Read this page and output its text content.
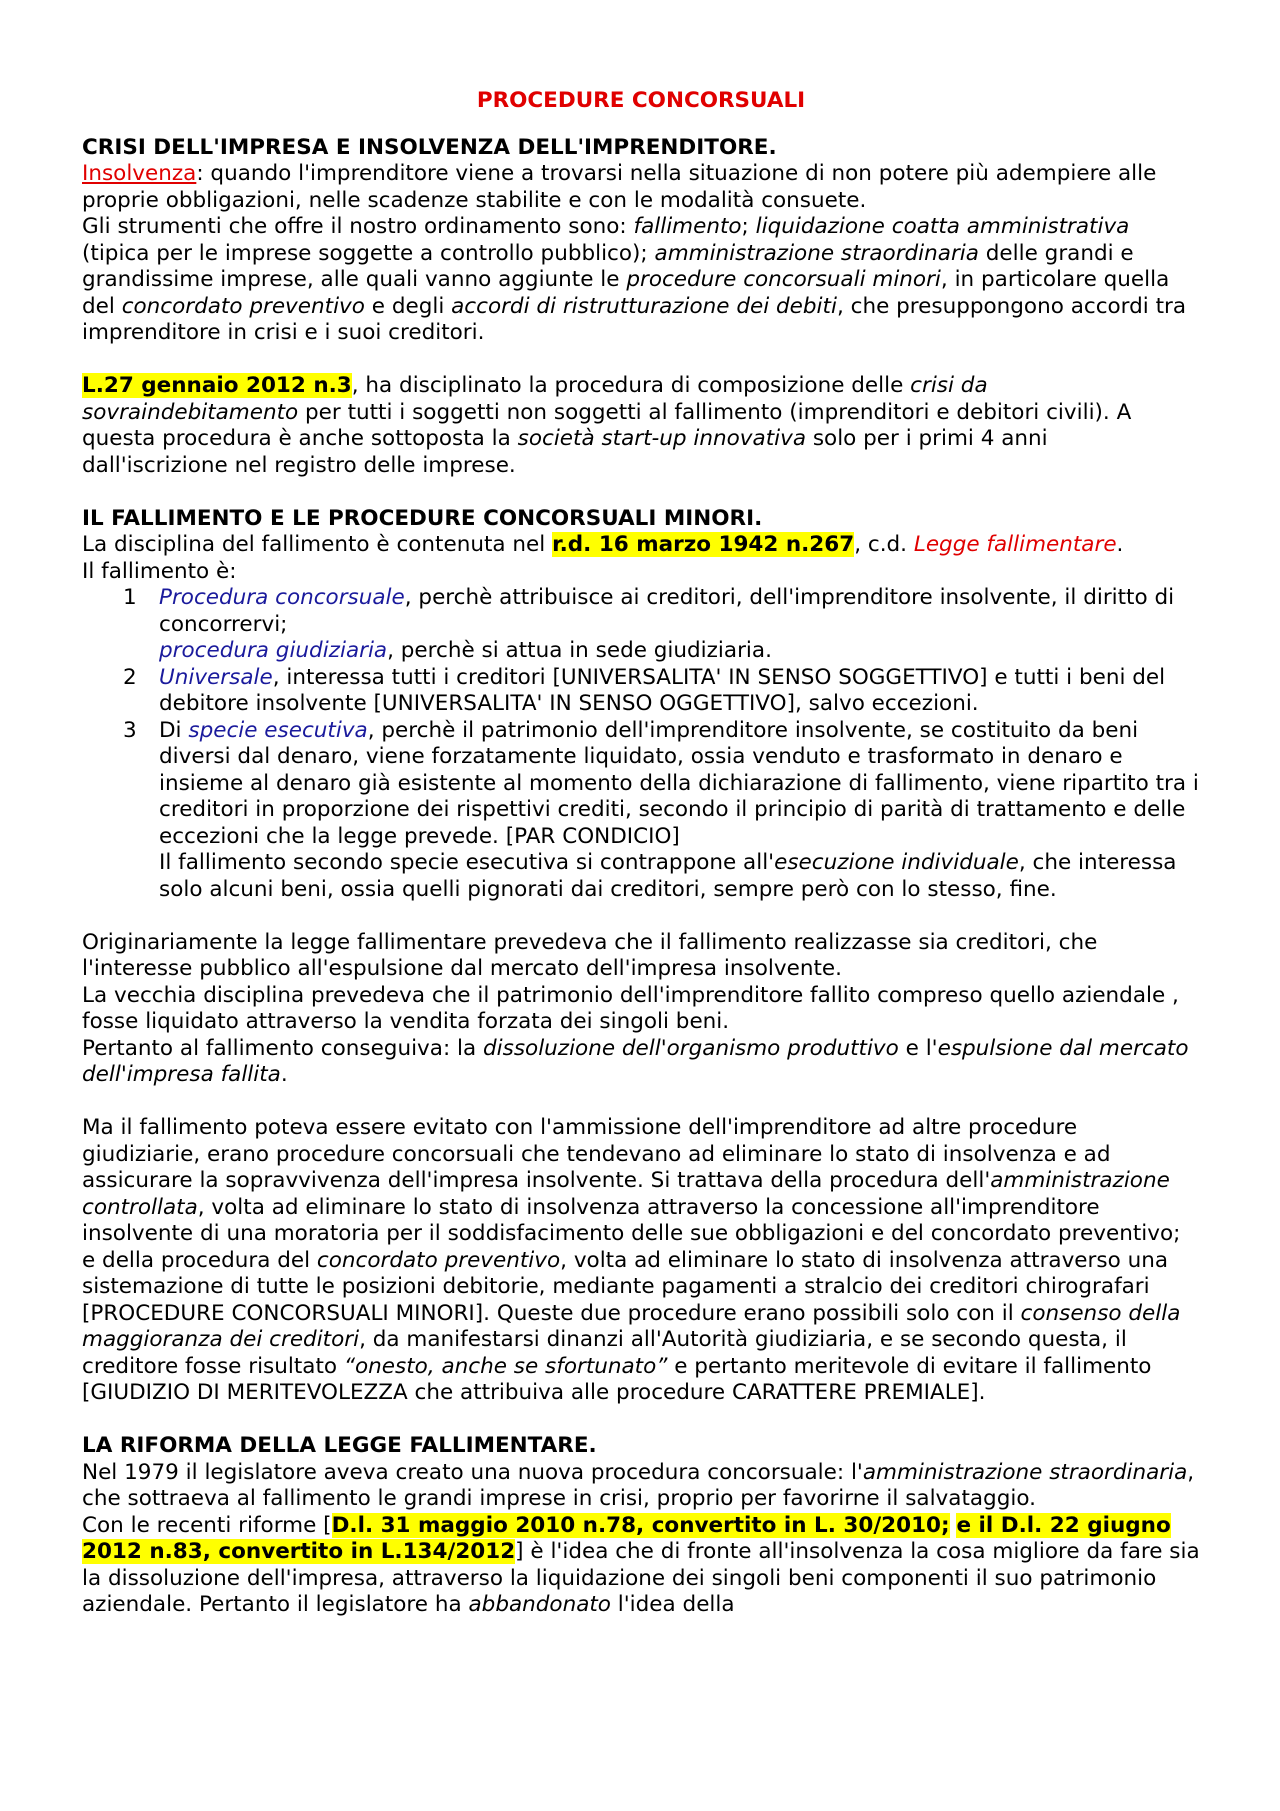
PROCEDURE CONCORSUALI

CRISI DELL'IMPRESA E INSOLVENZA DELL'IMPRENDITORE.

Insolvenza: quando l'imprenditore viene a trovarsi nella situazione di non potere più adempiere alle proprie obbligazioni, nelle scadenze stabilite e con le modalità consuete.

Gli strumenti che offre il nostro ordinamento sono: fallimento; liquidazione coatta amministrativa (tipica per le imprese soggette a controllo pubblico); amministrazione straordinaria delle grandi e grandissime imprese, alle quali vanno aggiunte le procedure concorsuali minori, in particolare quella del concordato preventivo e degli accordi di ristrutturazione dei debiti, che presuppongono accordi tra imprenditore in crisi e i suoi creditori.

L.27 gennaio 2012 n.3, ha disciplinato la procedura di composizione delle crisi da sovraindebitamento per tutti i soggetti non soggetti al fallimento (imprenditori e debitori civili). A questa procedura è anche sottoposta la società start-up innovativa solo per i primi 4 anni dall'iscrizione nel registro delle imprese.

IL FALLIMENTO E LE PROCEDURE CONCORSUALI MINORI.

La disciplina del fallimento è contenuta nel r.d. 16 marzo 1942 n.267, c.d. Legge fallimentare.

Il fallimento è:

1 Procedura concorsuale, perchè attribuisce ai creditori, dell'imprenditore insolvente, il diritto di concorrervi;
procedura giudiziaria, perchè si attua in sede giudiziaria.
2 Universale, interessa tutti i creditori [UNIVERSALITA' IN SENSO SOGGETTIVO] e tutti i beni del debitore insolvente [UNIVERSALITA' IN SENSO OGGETTIVO], salvo eccezioni.
3 Di specie esecutiva, perchè il patrimonio dell'imprenditore insolvente, se costituito da beni diversi dal denaro, viene forzatamente liquidato, ossia venduto e trasformato in denaro e insieme al denaro già esistente al momento della dichiarazione di fallimento, viene ripartito tra i creditori in proporzione dei rispettivi crediti, secondo il principio di parità di trattamento e delle eccezioni che la legge prevede. [PAR CONDICIO]
Il fallimento secondo specie esecutiva si contrappone all'esecuzione individuale, che interessa solo alcuni beni, ossia quelli pignorati dai creditori, sempre però con lo stesso, fine.

Originariamente la legge fallimentare prevedeva che il fallimento realizzasse sia creditori, che l'interesse pubblico all'espulsione dal mercato dell'impresa insolvente.

La vecchia disciplina prevedeva che il patrimonio dell'imprenditore fallito compreso quello aziendale , fosse liquidato attraverso la vendita forzata dei singoli beni.

Pertanto al fallimento conseguiva: la dissoluzione dell'organismo produttivo e l'espulsione dal mercato dell'impresa fallita.

Ma il fallimento poteva essere evitato con l'ammissione dell'imprenditore ad altre procedure giudiziarie, erano procedure concorsuali che tendevano ad eliminare lo stato di insolvenza e ad assicurare la sopravvivenza dell'impresa insolvente. Si trattava della procedura dell'amministrazione controllata, volta ad eliminare lo stato di insolvenza attraverso la concessione all'imprenditore insolvente di una moratoria per il soddisfacimento delle sue obbligazioni e del concordato preventivo; e della procedura del concordato preventivo, volta ad eliminare lo stato di insolvenza attraverso una sistemazione di tutte le posizioni debitorie, mediante pagamenti a stralcio dei creditori chirografari [PROCEDURE CONCORSUALI MINORI]. Queste due procedure erano possibili solo con il consenso della maggioranza dei creditori, da manifestarsi dinanzi all'Autorità giudiziaria, e se secondo questa, il creditore fosse risultato “onesto, anche se sfortunato” e pertanto meritevole di evitare il fallimento [GIUDIZIO DI MERITEVOLEZZA che attribuiva alle procedure CARATTERE PREMIALE].

LA RIFORMA DELLA LEGGE FALLIMENTARE.

Nel 1979 il legislatore aveva creato una nuova procedura concorsuale: l'amministrazione straordinaria, che sottraeva al fallimento le grandi imprese in crisi, proprio per favorirne il salvataggio.

Con le recenti riforme [D.l. 31 maggio 2010 n.78, convertito in L. 30/2010; e il D.l. 22 giugno 2012 n.83, convertito in L.134/2012] è l'idea che di fronte all'insolvenza la cosa migliore da fare sia la dissoluzione dell'impresa, attraverso la liquidazione dei singoli beni componenti il suo patrimonio aziendale. Pertanto il legislatore ha abbandonato l'idea della
